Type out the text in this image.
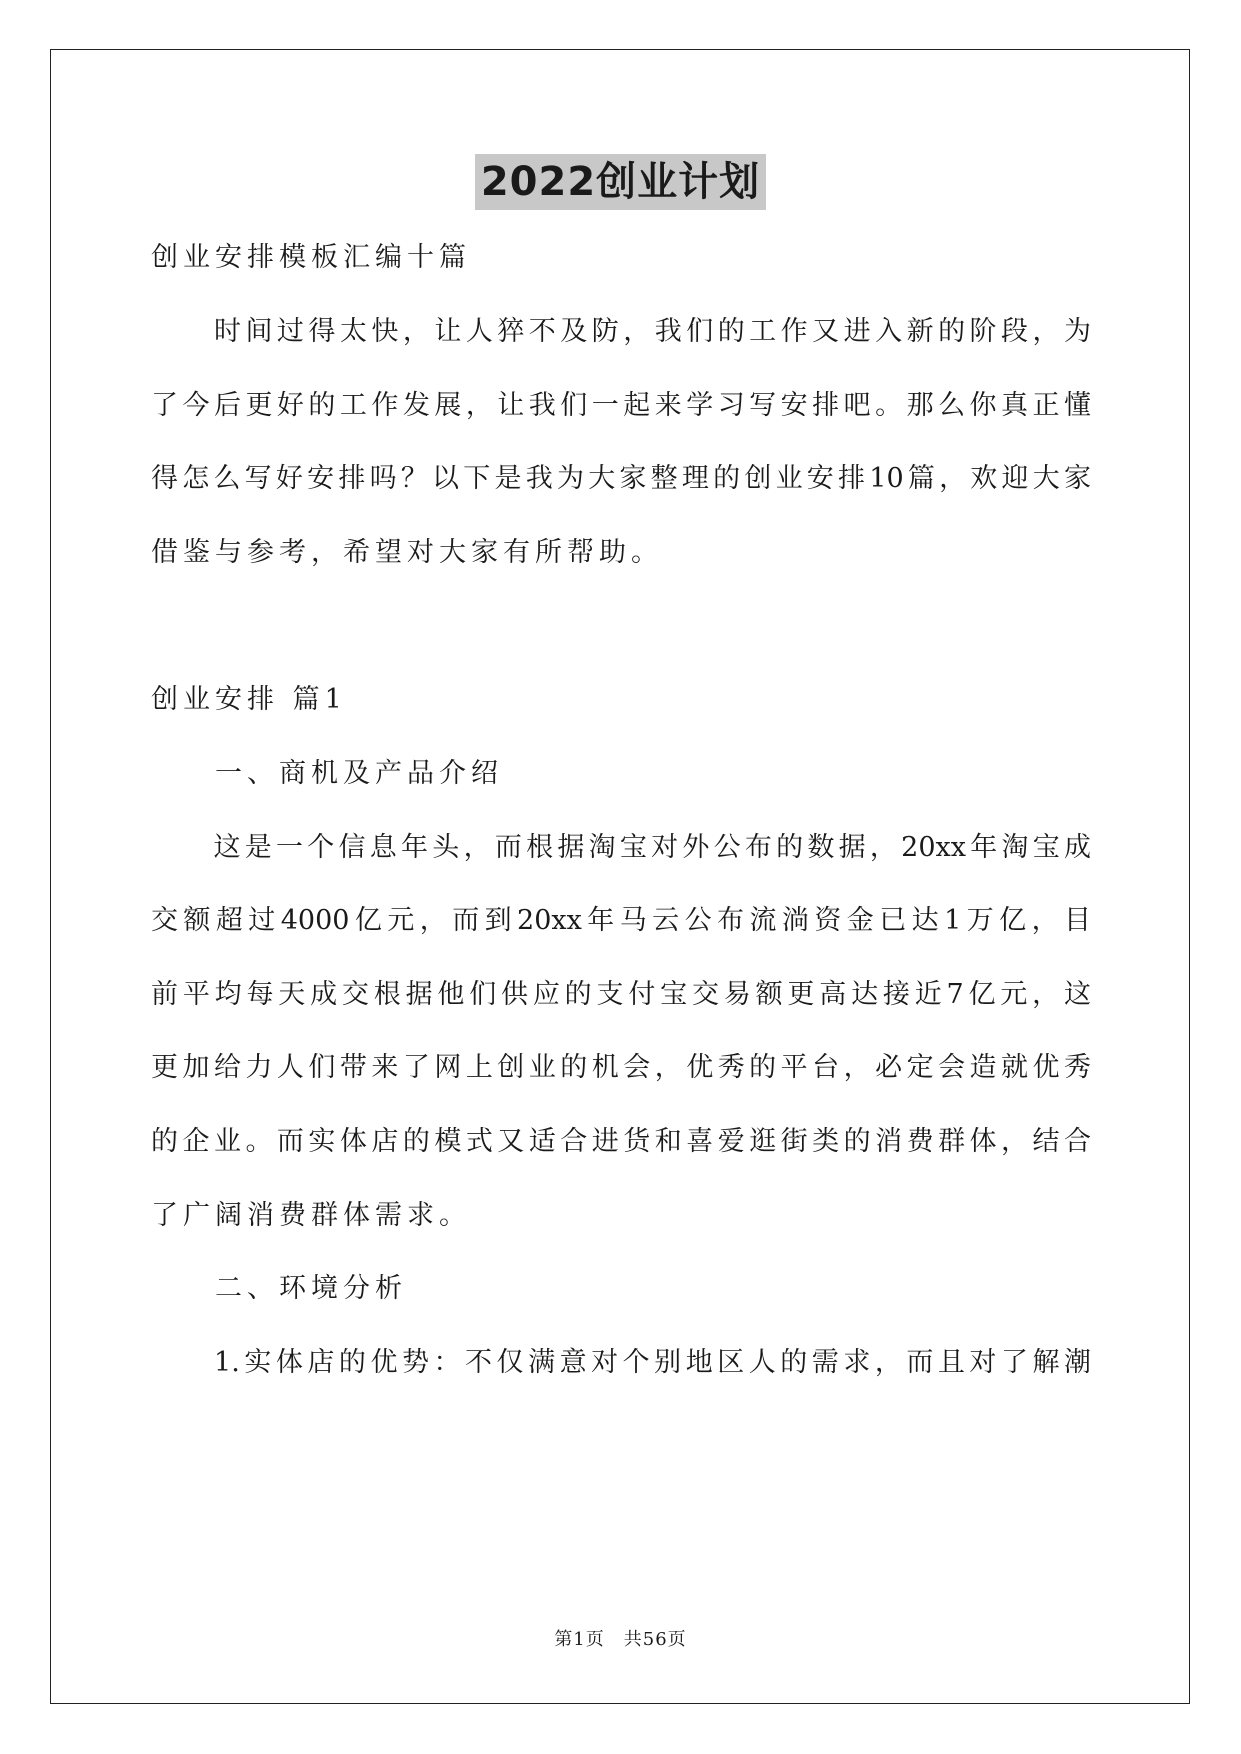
2022创业计划
创业安排模板汇编十篇
　　时间过得太快，让人猝不及防，我们的工作又进入新的阶段，为
了今后更好的工作发展，让我们一起来学习写安排吧。那么你真正懂
得怎么写好安排吗？以下是我为大家整理的创业安排10篇，欢迎大家
借鉴与参考，希望对大家有所帮助。
创业安排 篇1
　　一、商机及产品介绍
　　这是一个信息年头，而根据淘宝对外公布的数据，20xx年淘宝成
交额超过4000亿元，而到20xx年马云公布流淌资金已达1万亿，目
前平均每天成交根据他们供应的支付宝交易额更高达接近7亿元，这
更加给力人们带来了网上创业的机会，优秀的平台，必定会造就优秀
的企业。而实体店的模式又适合进货和喜爱逛街类的消费群体，结合
了广阔消费群体需求。
　　二、环境分析
　　1.实体店的优势：不仅满意对个别地区人的需求，而且对了解潮
第1页　共56页
